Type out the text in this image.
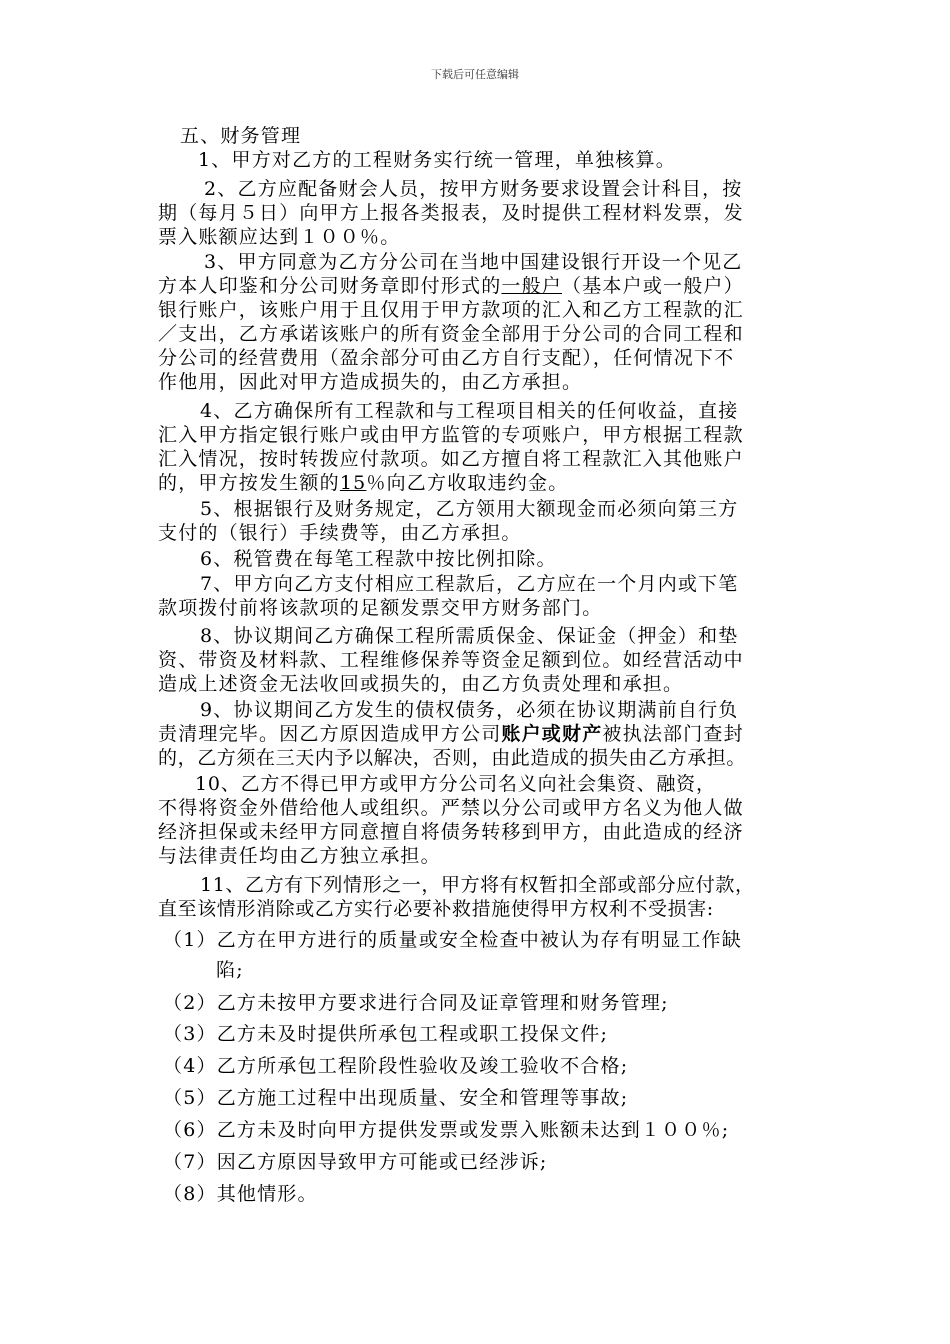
下载后可任意编辑
五、财务管理
1、甲方对乙方的工程财务实行统一管理，单独核算。
2、乙方应配备财会人员，按甲方财务要求设置会计科目，按
期（每月５日）向甲方上报各类报表，及时提供工程材料发票，发
票入账额应达到１００％。
3、甲方同意为乙方分公司在当地中国建设银行开设一个见乙
方本人印鉴和分公司财务章即付形式的一般户（基本户或一般户）
银行账户，该账户用于且仅用于甲方款项的汇入和乙方工程款的汇
／支出，乙方承诺该账户的所有资金全部用于分公司的合同工程和
分公司的经营费用（盈余部分可由乙方自行支配），任何情况下不
作他用，因此对甲方造成损失的，由乙方承担。
4、乙方确保所有工程款和与工程项目相关的任何收益，直接
汇入甲方指定银行账户或由甲方监管的专项账户，甲方根据工程款
汇入情况，按时转拨应付款项。如乙方擅自将工程款汇入其他账户
的，甲方按发生额的15％向乙方收取违约金。
5、根据银行及财务规定，乙方领用大额现金而必须向第三方
支付的（银行）手续费等，由乙方承担。
6、税管费在每笔工程款中按比例扣除。
7、甲方向乙方支付相应工程款后，乙方应在一个月内或下笔
款项拨付前将该款项的足额发票交甲方财务部门。
8、协议期间乙方确保工程所需质保金、保证金（押金）和垫
资、带资及材料款、工程维修保养等资金足额到位。如经营活动中
造成上述资金无法收回或损失的，由乙方负责处理和承担。
9、协议期间乙方发生的债权债务，必须在协议期满前自行负
责清理完毕。因乙方原因造成甲方公司账户或财产被执法部门查封
的，乙方须在三天内予以解决，否则，由此造成的损失由乙方承担。
10、乙方不得已甲方或甲方分公司名义向社会集资、融资，
不得将资金外借给他人或组织。严禁以分公司或甲方名义为他人做
经济担保或未经甲方同意擅自将债务转移到甲方，由此造成的经济
与法律责任均由乙方独立承担。
11、乙方有下列情形之一，甲方将有权暂扣全部或部分应付款，
直至该情形消除或乙方实行必要补救措施使得甲方权利不受损害:
（1）乙方在甲方进行的质量或安全检查中被认为存有明显工作缺
陷;
（2）乙方未按甲方要求进行合同及证章管理和财务管理;
（3）乙方未及时提供所承包工程或职工投保文件;
（4）乙方所承包工程阶段性验收及竣工验收不合格;
（5）乙方施工过程中出现质量、安全和管理等事故;
（6）乙方未及时向甲方提供发票或发票入账额未达到１００％;
（7）因乙方原因导致甲方可能或已经涉诉;
（8）其他情形。
